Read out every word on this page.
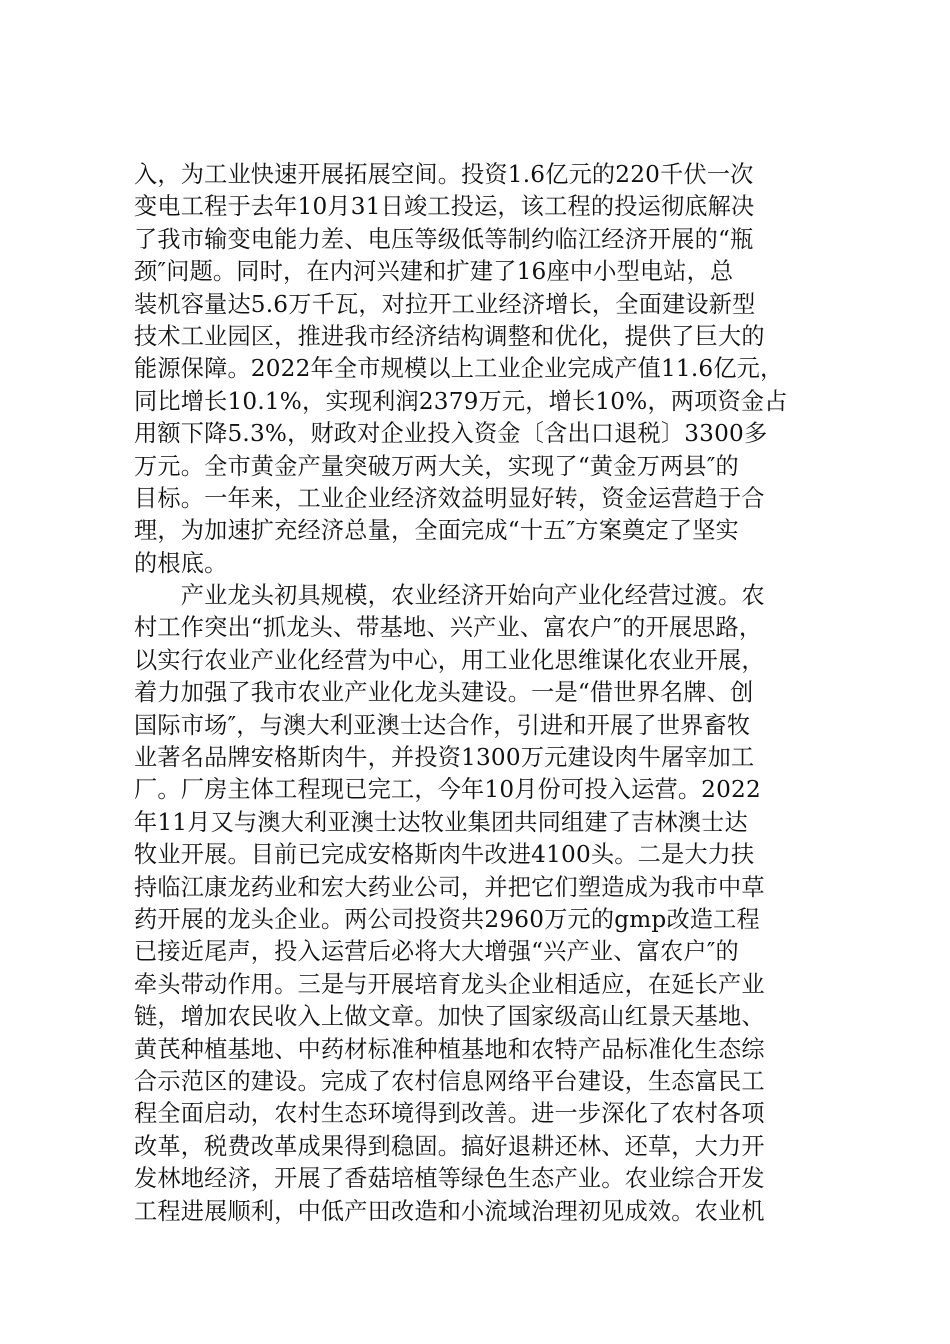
入，为工业快速开展拓展空间。投资1.6亿元的220千伏一次
变电工程于去年10月31日竣工投运，该工程的投运彻底解决
了我市输变电能力差、电压等级低等制约临江经济开展的“瓶
颈″问题。同时，在内河兴建和扩建了16座中小型电站，总
装机容量达5.6万千瓦，对拉开工业经济增长，全面建设新型
技术工业园区，推进我市经济结构调整和优化，提供了巨大的
能源保障。2022年全市规模以上工业企业完成产值11.6亿元，
同比增长10.1%，实现利润2379万元，增长10%，两项资金占
用额下降5.3%，财政对企业投入资金〔含出口退税〕3300多
万元。全市黄金产量突破万两大关，实现了“黄金万两县″的
目标。一年来，工业企业经济效益明显好转，资金运营趋于合
理，为加速扩充经济总量，全面完成“十五″方案奠定了坚实
的根底。
　　产业龙头初具规模，农业经济开始向产业化经营过渡。农
村工作突出“抓龙头、带基地、兴产业、富农户″的开展思路，
以实行农业产业化经营为中心，用工业化思维谋化农业开展，
着力加强了我市农业产业化龙头建设。一是“借世界名牌、创
国际市场″，与澳大利亚澳士达合作，引进和开展了世界畜牧
业著名品牌安格斯肉牛，并投资1300万元建设肉牛屠宰加工
厂。厂房主体工程现已完工，今年10月份可投入运营。2022
年11月又与澳大利亚澳士达牧业集团共同组建了吉林澳士达
牧业开展。目前已完成安格斯肉牛改进4100头。二是大力扶
持临江康龙药业和宏大药业公司，并把它们塑造成为我市中草
药开展的龙头企业。两公司投资共2960万元的gmp改造工程
已接近尾声，投入运营后必将大大增强“兴产业、富农户″的
牵头带动作用。三是与开展培育龙头企业相适应，在延长产业
链，增加农民收入上做文章。加快了国家级高山红景天基地、
黄芪种植基地、中药材标准种植基地和农特产品标准化生态综
合示范区的建设。完成了农村信息网络平台建设，生态富民工
程全面启动，农村生态环境得到改善。进一步深化了农村各项
改革，税费改革成果得到稳固。搞好退耕还林、还草，大力开
发林地经济，开展了香菇培植等绿色生态产业。农业综合开发
工程进展顺利，中低产田改造和小流域治理初见成效。农业机
